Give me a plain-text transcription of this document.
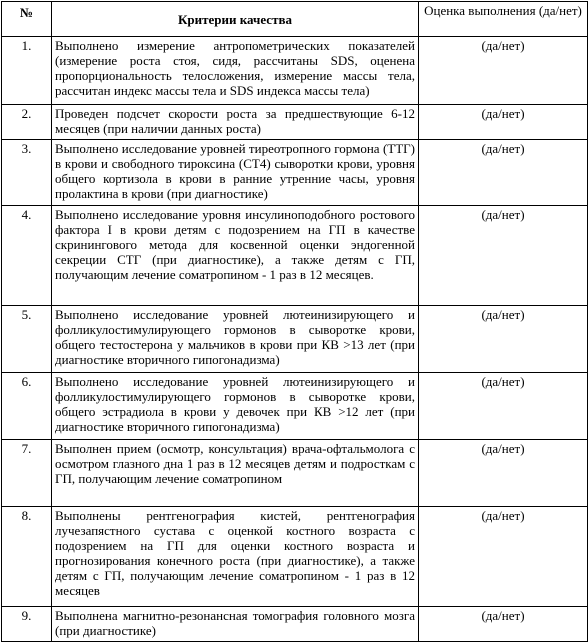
№	Критерии качества	Оценка выполнения (да/нет)
1.	Выполнено измерение антропометрических показателей (измерение роста стоя, сидя, рассчитаны SDS, оценена пропорциональность телосложения, измерение массы тела, рассчитан индекс массы тела и SDS индекса массы тела)	(да/нет)
2.	Проведен подсчет скорости роста за предшествующие 6-12 месяцев (при наличии данных роста)	(да/нет)
3.	Выполнено исследование уровней тиреотропного гормона (ТТГ) в крови и свободного тироксина (СТ4) сыворотки крови, уровня общего кортизола в крови в ранние утренние часы, уровня пролактина в крови (при диагностике)	(да/нет)
4.	Выполнено исследование уровня инсулиноподобного ростового фактора I в крови детям с подозрением на ГП в качестве скринингового метода для косвенной оценки эндогенной секреции СТГ (при диагностике), а также детям с ГП, получающим лечение соматропином - 1 раз в 12 месяцев.	(да/нет)
5.	Выполнено исследование уровней лютеинизирующего и фолликулостимулирующего гормонов в сыворотке крови, общего тестостерона у мальчиков в крови при КВ >13 лет (при диагностике вторичного гипогонадизма)	(да/нет)
6.	Выполнено исследование уровней лютеинизирующего и фолликулостимулирующего гормонов в сыворотке крови, общего эстрадиола в крови у девочек при КВ >12 лет (при диагностике вторичного гипогонадизма)	(да/нет)
7.	Выполнен прием (осмотр, консультация) врача-офтальмолога с осмотром глазного дна 1 раз в 12 месяцев детям и подросткам с ГП, получающим лечение соматропином	(да/нет)
8.	Выполнены рентгенография кистей, рентгенография лучезапястного сустава с оценкой костного возраста с подозрением на ГП для оценки костного возраста и прогнозирования конечного роста (при диагностике), а также детям с ГП, получающим лечение соматропином - 1 раз в 12 месяцев	(да/нет)
9.	Выполнена магнитно-резонансная томография головного мозга (при диагностике)	(да/нет)
